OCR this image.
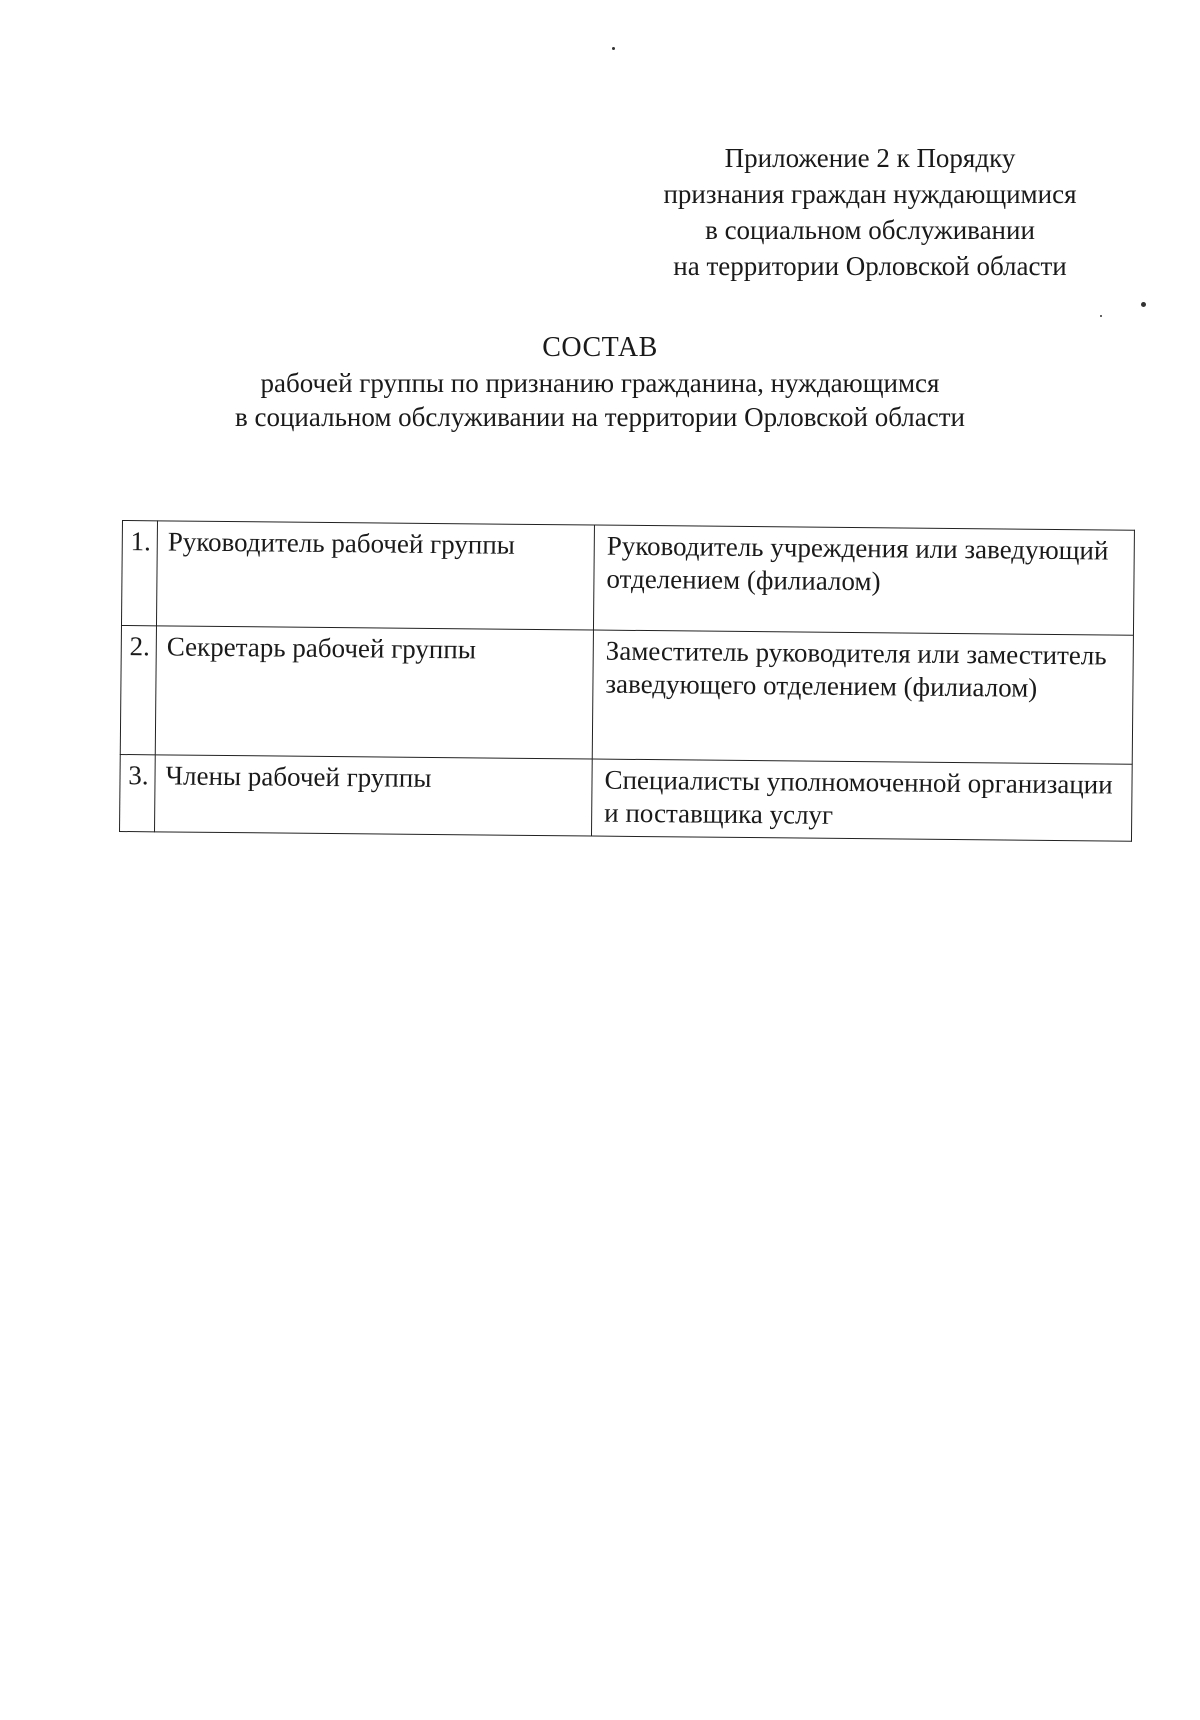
Приложение 2 к Порядку
признания граждан нуждающимися
в социальном обслуживании
на территории Орловской области
СОСТАВ
рабочей группы по признанию гражданина, нуждающимся
в социальном обслуживании на территории Орловской области
1.	Руководитель рабочей группы	Руководитель учреждения или заведующий отделением (филиалом)
2.	Секретарь рабочей группы	Заместитель руководителя или заместитель заведующего отделением (филиалом)
3.	Члены рабочей группы	Специалисты уполномоченной организации и поставщика услуг
